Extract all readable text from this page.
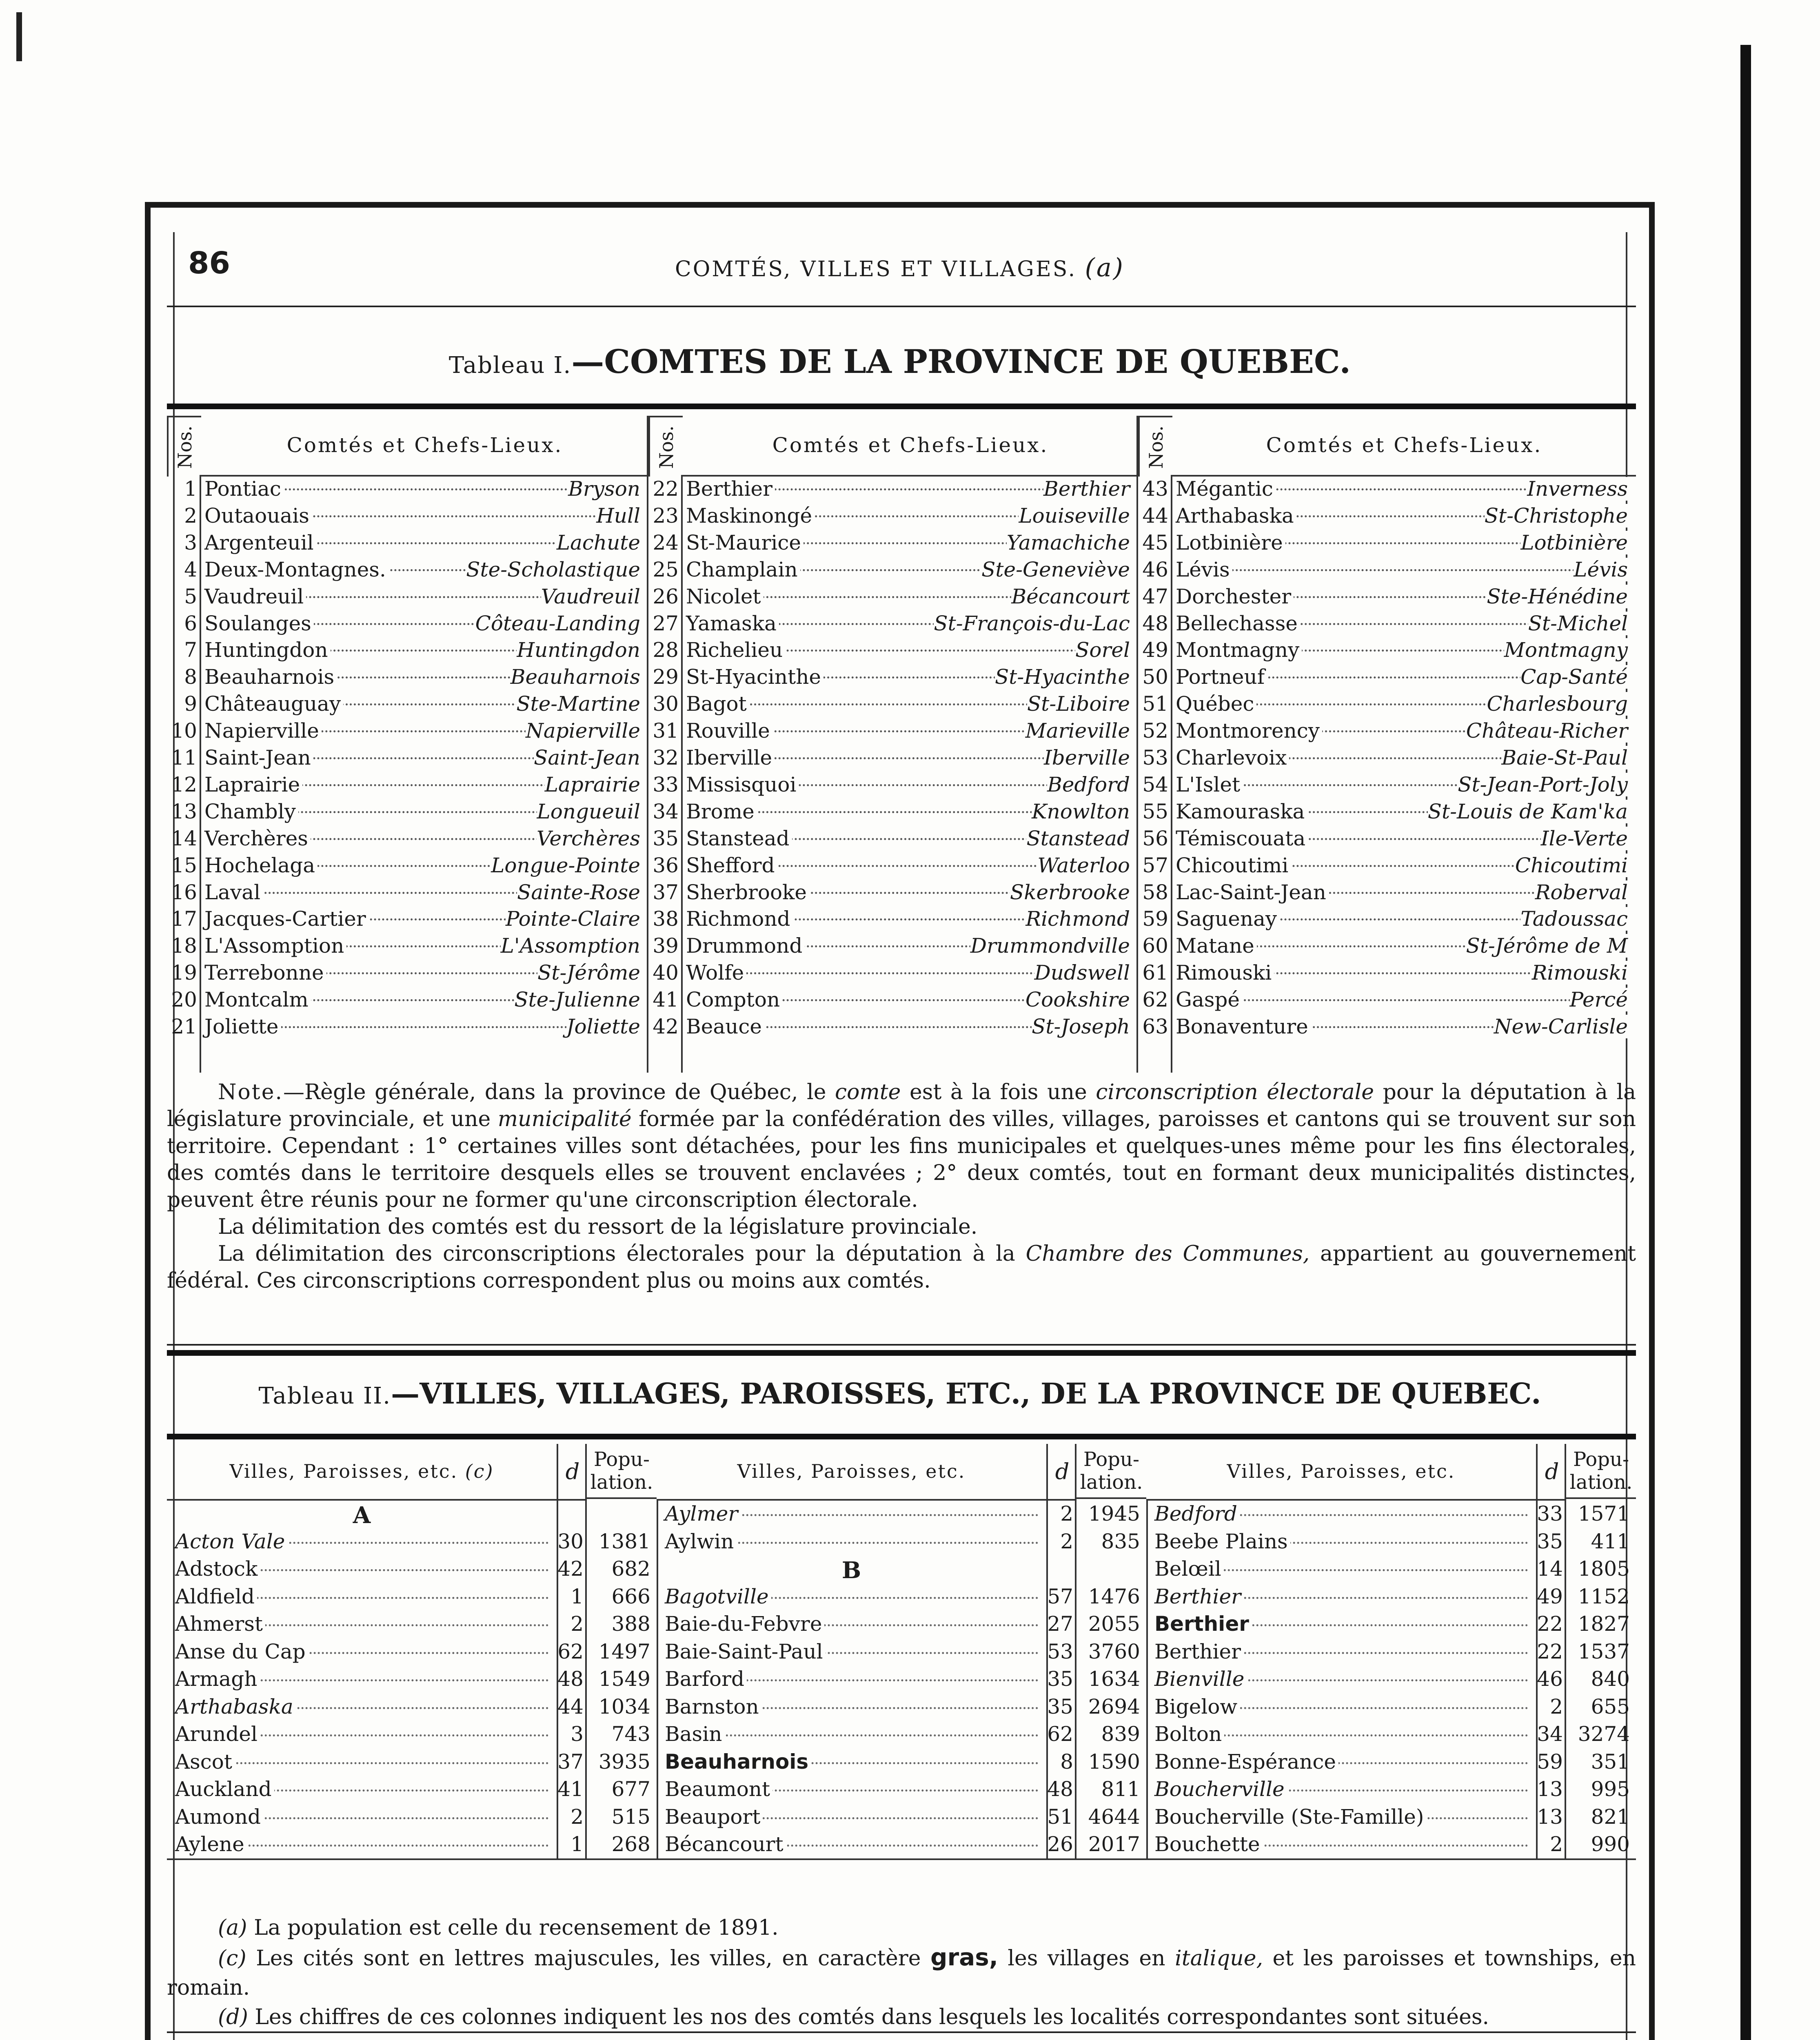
86	COMTÉS, VILLES ET VILLAGES. (a)
Tableau I.—COMTES DE LA PROVINCE DE QUEBEC.
Nos.	Comtés et Chefs-Lieux.
1 Pontiac	Bryson
2 Outaouais	Hull
3 Argenteuil	Lachute
4 Deux-Montagnes.	Ste-Scholastique
5 Vaudreuil	Vaudreuil
6 Soulanges	Côteau-Landing
7 Huntingdon	Huntingdon
8 Beauharnois	Beauharnois
9 Châteauguay	Ste-Martine
10 Napierville	Napierville
11 Saint-Jean	Saint-Jean
12 Laprairie	Laprairie
13 Chambly	Longueuil
14 Verchères	Verchères
15 Hochelaga	Longue-Pointe
16 Laval	Sainte-Rose
17 Jacques-Cartier	Pointe-Claire
18 L'Assomption	L'Assomption
19 Terrebonne	St-Jérôme
20 Montcalm	Ste-Julienne
21 Joliette	Joliette
Nos.	Comtés et Chefs-Lieux.
22 Berthier	Berthier
23 Maskinongé	Louiseville
24 St-Maurice	Yamachiche
25 Champlain	Ste-Geneviève
26 Nicolet	Bécancourt
27 Yamaska	St-François-du-Lac
28 Richelieu	Sorel
29 St-Hyacinthe	St-Hyacinthe
30 Bagot	St-Liboire
31 Rouville	Marieville
32 Iberville	Iberville
33 Missisquoi	Bedford
34 Brome	Knowlton
35 Stanstead	Stanstead
36 Shefford	Waterloo
37 Sherbrooke	Skerbrooke
38 Richmond	Richmond
39 Drummond	Drummondville
40 Wolfe	Dudswell
41 Compton	Cookshire
42 Beauce	St-Joseph
Nos.	Comtés et Chefs-Lieux.
43 Mégantic	Inverness
44 Arthabaska	St-Christophe
45 Lotbinière	Lotbinière
46 Lévis	Lévis
47 Dorchester	Ste-Hénédine
48 Bellechasse	St-Michel
49 Montmagny	Montmagny
50 Portneuf	Cap-Santé
51 Québec	Charlesbourg
52 Montmorency	Château-Richer
53 Charlevoix	Baie-St-Paul
54 L'Islet	St-Jean-Port-Joly
55 Kamouraska	St-Louis de Kam'ka
56 Témiscouata	Ile-Verte
57 Chicoutimi	Chicoutimi
58 Lac-Saint-Jean	Roberval
59 Saguenay	Tadoussac
60 Matane	St-Jérôme de M
61 Rimouski	Rimouski
62 Gaspé	Percé
63 Bonaventure	New-Carlisle

Note.—Règle générale, dans la province de Québec, le comte est à la fois une circonscription électorale pour la députation à la législature provinciale, et une municipalité formée par la confédération des villes, villages, paroisses et cantons qui se trouvent sur son territoire. Cependant : 1° certaines villes sont détachées, pour les fins municipales et quelques-unes même pour les fins électorales, des comtés dans le territoire desquels elles se trouvent enclavées ; 2° deux comtés, tout en formant deux municipalités distinctes, peuvent être réunis pour ne former qu'une circonscription électorale.

La délimitation des comtés est du ressort de la législature provinciale.

La délimitation des circonscriptions électorales pour la députation à la Chambre des Communes, appartient au gouvernement fédéral. Ces circonscriptions correspondent plus ou moins aux comtés.

Tableau II.—VILLES, VILLAGES, PAROISSES, ETC., DE LA PROVINCE DE QUEBEC.
Villes, Paroisses, etc. (c)	d Popu-
lation.
A
Acton Vale	30 1381
Adstock	42	682
Aldfield	1	666
Ahmerst	2	388
Anse du Cap	62 1497
Armagh	48 1549
Arthabaska	44 1034
Arundel	3	743
Ascot	37 3935
Auckland	41	677
Aumond	2	515
Aylene	1	268
Villes, Paroisses, etc.	d Popu-
lation.
Aylmer	2 1945
Aylwin	2	835
B
Bagotville	57 1476
Baie-du-Febvre	27 2055
Baie-Saint-Paul	53 3760
Barford	35 1634
Barnston	35 2694
Basin	62	839
Beauharnois	8 1590
Beaumont	48	811
Beauport	51 4644
Bécancourt	26 2017
Villes, Paroisses, etc.	d Popu-
lation.
Bedford	33 1571
Beebe Plains	35	411
Belœil	14 1805
Berthier	49 1152
Berthier	22 1827
Berthier	22 1537
Bienville	46	840
Bigelow	2	655
Bolton	34 3274
Bonne-Espérance	59	351
Boucherville	13	995
Boucherville (Ste-Famille)	13	821
Bouchette	2	990

(a) La population est celle du recensement de 1891.

(c) Les cités sont en lettres majuscules, les villes, en caractère gras, les villages en italique, et les paroisses et townships, en romain.

(d) Les chiffres de ces colonnes indiquent les nos des comtés dans lesquels les localités correspondantes sont situées.
